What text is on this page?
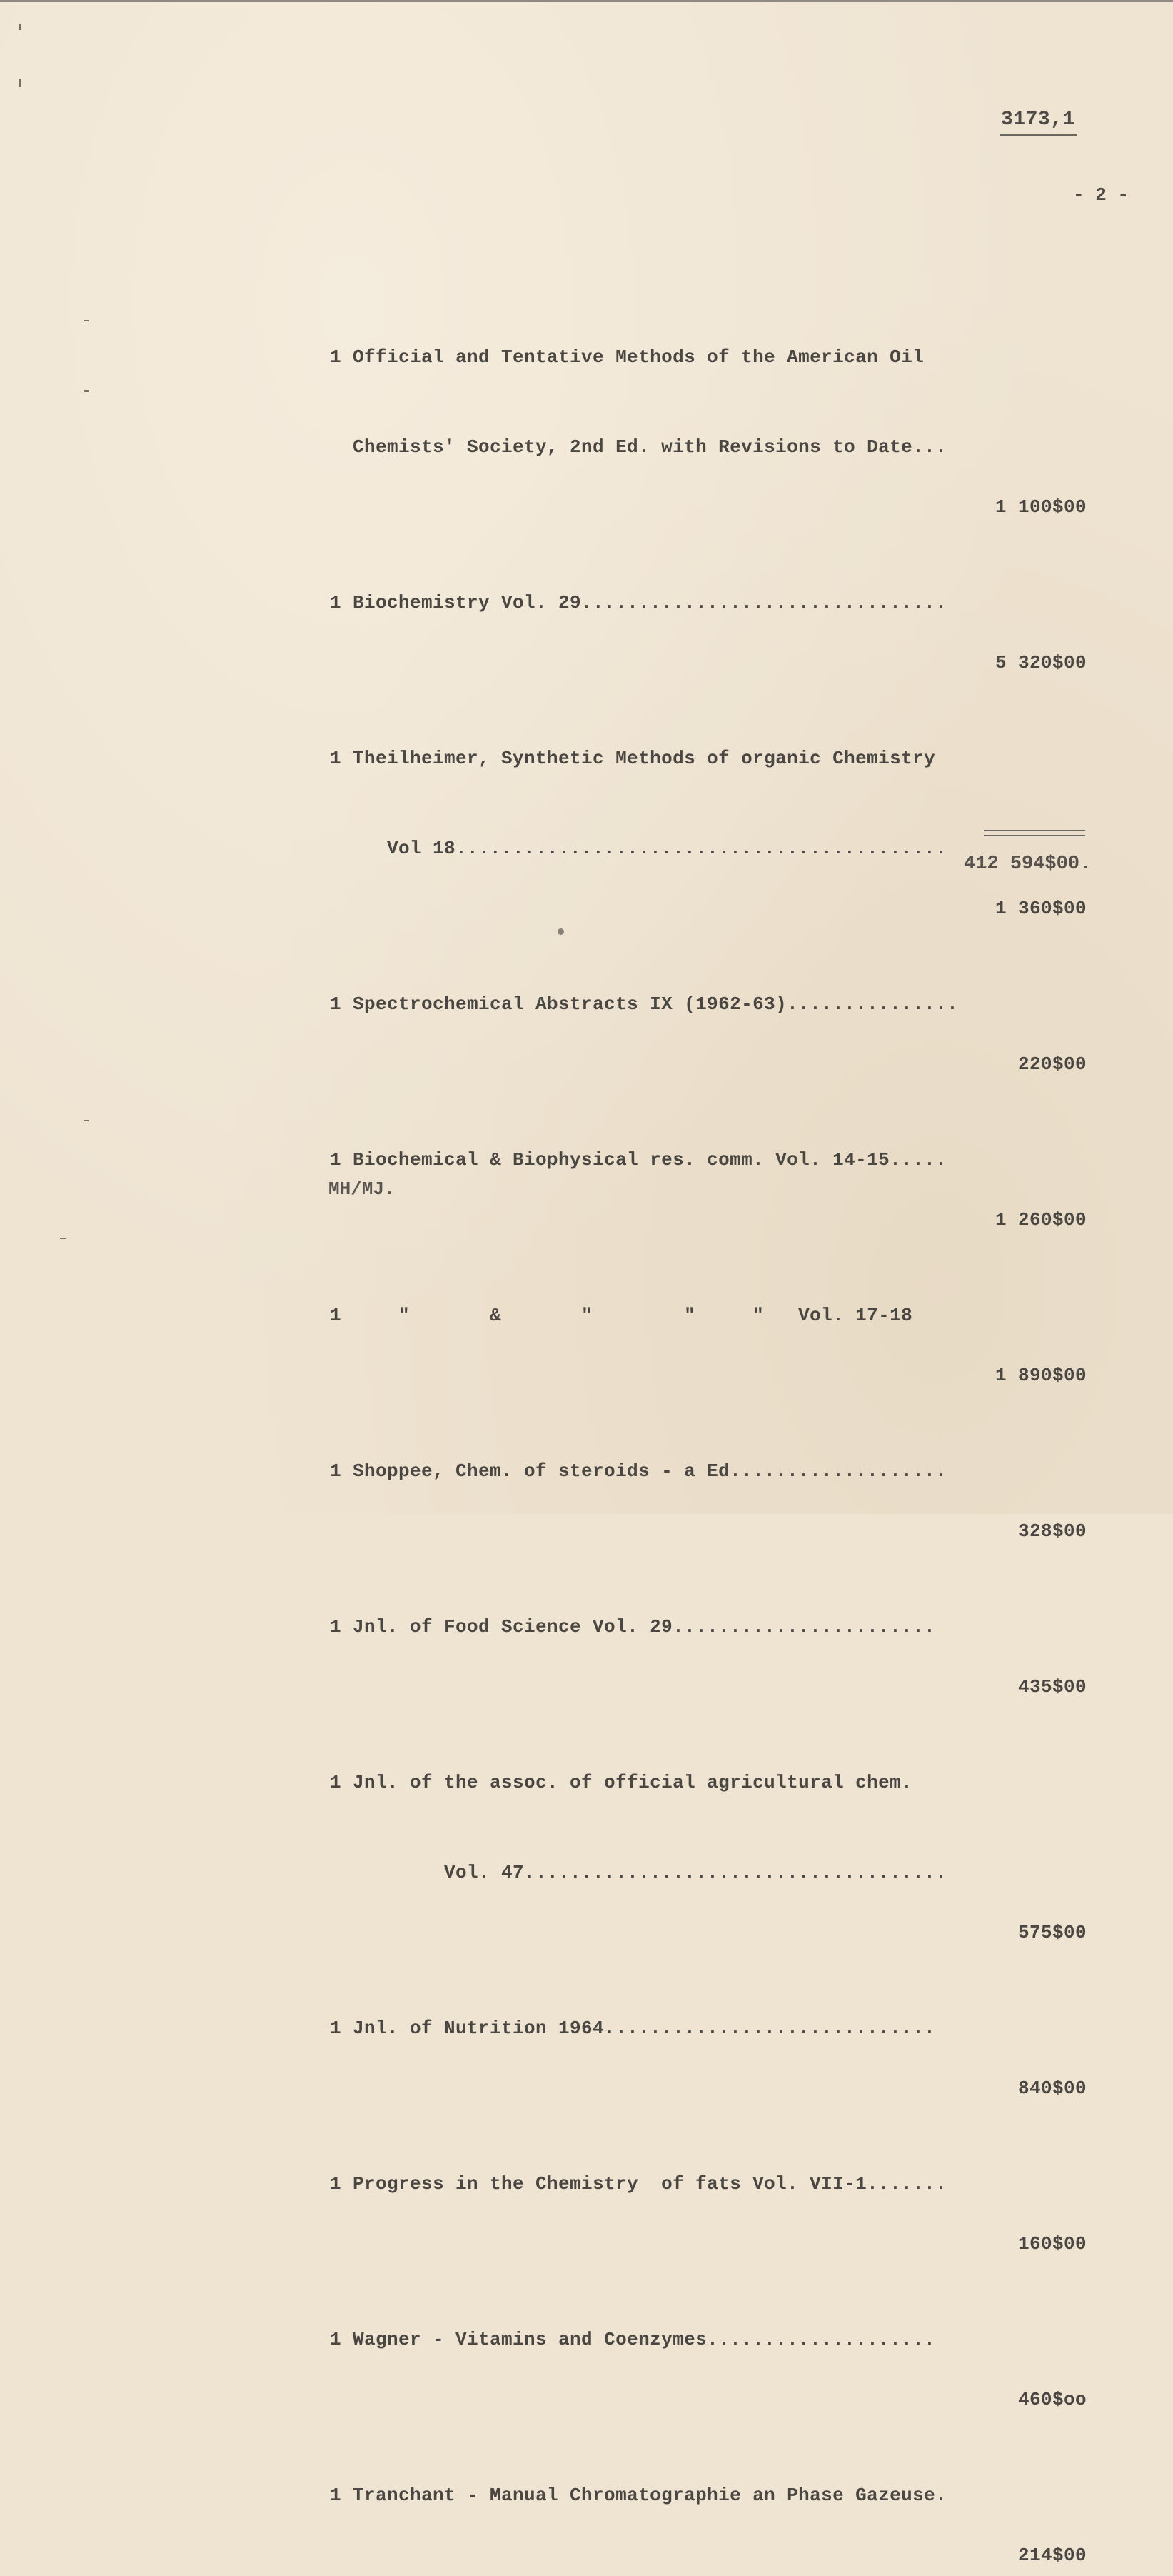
3173,1
- 2 -

1 Official and Tentative Methods of the American Oil

Chemists' Society, 2nd Ed. with Revisions to Date...

1 100$00

1 Biochemistry Vol. 29................................

5 320$00

1 Theilheimer, Synthetic Methods of organic Chemistry

Vol 18...........................................

1 360$00

1 Spectrochemical Abstracts IX (1962-63)...............

220$00

1 Biochemical & Biophysical res. comm. Vol. 14-15.....

1 260$00

1     "       &       "        "     "   Vol. 17-18

1 890$00

1 Shoppee, Chem. of steroids - a Ed...................

328$00

1 Jnl. of Food Science Vol. 29.......................

435$00

1 Jnl. of the assoc. of official agricultural chem.

Vol. 47.....................................

575$00

1 Jnl. of Nutrition 1964.............................

840$00

1 Progress in the Chemistry  of fats Vol. VII-1.......

160$00

1 Wagner - Vitamins and Coenzymes....................

460$oo

1 Tranchant - Manual Chromatographie an Phase Gazeuse.

214$00
412 594$00.
MH/MJ.
